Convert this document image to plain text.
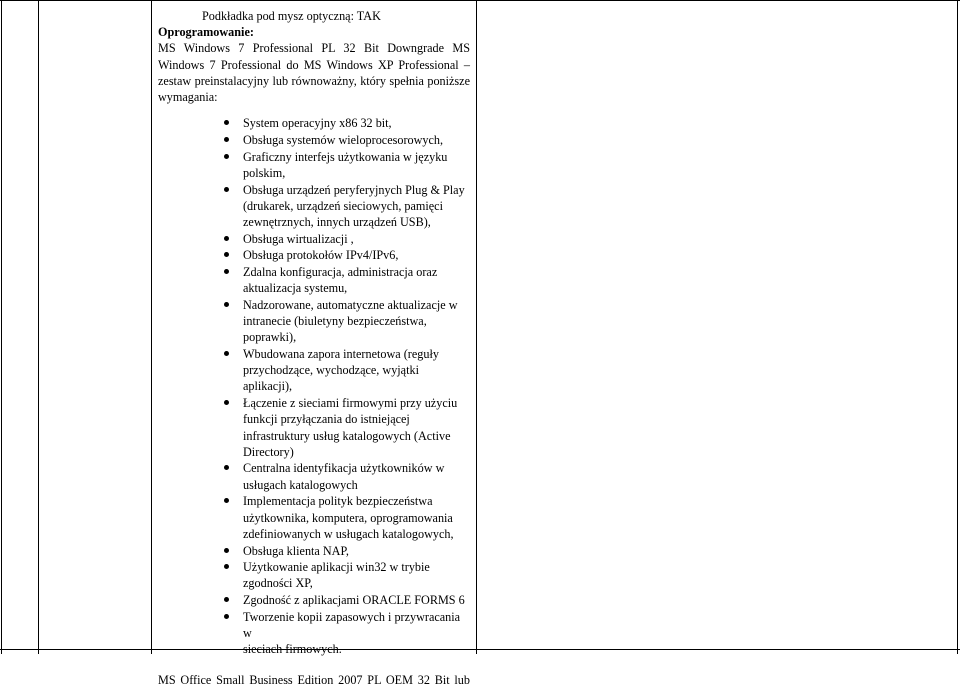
Podkładka pod mysz optyczną: TAK
Oprogramowanie:
MS Windows 7 Professional PL 32 Bit Downgrade MS
Windows 7 Professional do MS Windows XP Professional –
zestaw preinstalacyjny lub równoważny, który spełnia poniższe
wymagania:
System operacyjny x86 32 bit,
Obsługa systemów wieloprocesorowych,
Graficzny interfejs użytkowania w języku
polskim,
Obsługa urządzeń peryferyjnych Plug & Play
(drukarek, urządzeń sieciowych, pamięci
zewnętrznych, innych urządzeń USB),
Obsługa wirtualizacji ,
Obsługa protokołów IPv4/IPv6,
Zdalna konfiguracja, administracja oraz
aktualizacja systemu,
Nadzorowane, automatyczne aktualizacje w
intranecie (biuletyny bezpieczeństwa,
poprawki),
Wbudowana zapora internetowa (reguły
przychodzące, wychodzące, wyjątki aplikacji),
Łączenie z sieciami firmowymi przy użyciu
funkcji przyłączania do istniejącej
infrastruktury usług katalogowych (Active
Directory)
Centralna identyfikacja użytkowników w
usługach katalogowych
Implementacja polityk bezpieczeństwa
użytkownika, komputera, oprogramowania
zdefiniowanych w usługach katalogowych,
Obsługa klienta NAP,
Użytkowanie aplikacji win32 w trybie
zgodności XP,
Zgodność z aplikacjami ORACLE FORMS 6
Tworzenie kopii zapasowych i przywracania w
sieciach firmowych.
MS Office Small Business Edition 2007 PL OEM 32 Bit lub
